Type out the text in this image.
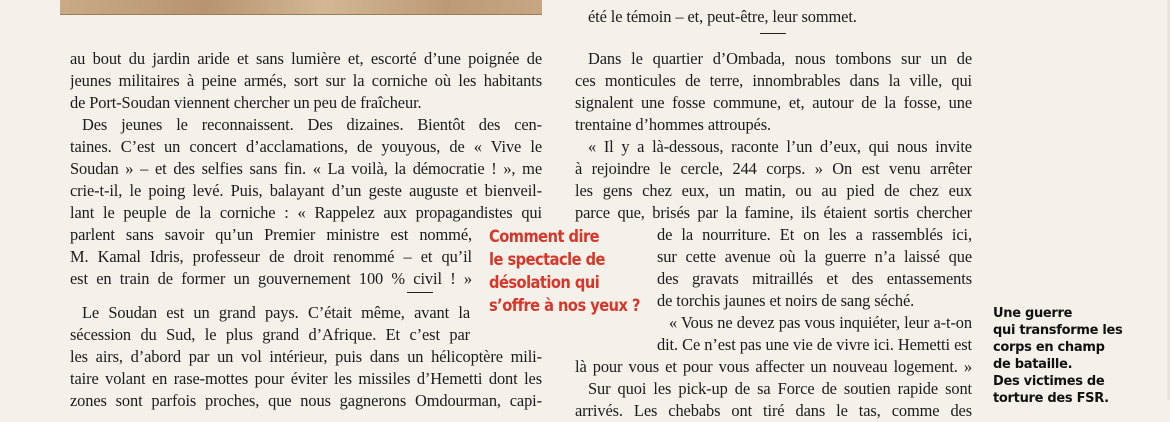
au bout du jardin aride et sans lumière et, escorté d’une poignée de
jeunes militaires à peine armés, sort sur la corniche où les habitants
de Port-Soudan viennent chercher un peu de fraîcheur.
Des jeunes le reconnaissent. Des dizaines. Bientôt des cen-
taines. C’est un concert d’acclamations, de youyous, de « Vive le
Soudan » – et des selfies sans fin. « La voilà, la démocratie ! », me
crie-t-il, le poing levé. Puis, balayant d’un geste auguste et bienveil-
lant le peuple de la corniche : « Rappelez aux propagandistes qui
parlent sans savoir qu’un Premier ministre est nommé,
M. Kamal Idris, professeur de droit renommé – et qu’il
est en train de former un gouvernement 100 % civil ! »
Le Soudan est un grand pays. C’était même, avant la
sécession du Sud, le plus grand d’Afrique. Et c’est par
les airs, d’abord par un vol intérieur, puis dans un hélicoptère mili-
taire volant en rase-mottes pour éviter les missiles d’Hemetti dont les
zones sont parfois proches, que nous gagnerons Omdourman, capi-
Comment dire
le spectacle de
désolation qui
s’offre à nos yeux ?
été le témoin – et, peut-être, leur sommet.
Dans le quartier d’Ombada, nous tombons sur un de
ces monticules de terre, innombrables dans la ville, qui
signalent une fosse commune, et, autour de la fosse, une
trentaine d’hommes attroupés.
« Il y a là-dessous, raconte l’un d’eux, qui nous invite
à rejoindre le cercle, 244 corps. » On est venu arrêter
les gens chez eux, un matin, ou au pied de chez eux
parce que, brisés par la famine, ils étaient sortis chercher
de la nourriture. Et on les a rassemblés ici,
sur cette avenue où la guerre n’a laissé que
des gravats mitraillés et des entassements
de torchis jaunes et noirs de sang séché.
« Vous ne devez pas vous inquiéter, leur a-t-on
dit. Ce n’est pas une vie de vivre ici. Hemetti est
là pour vous et pour vous affecter un nouveau logement. »
Sur quoi les pick-up de sa Force de soutien rapide sont
arrivés. Les chebabs ont tiré dans le tas, comme des
Une guerre
qui transforme les
corps en champ
de bataille.
Des victimes de
torture des FSR.
